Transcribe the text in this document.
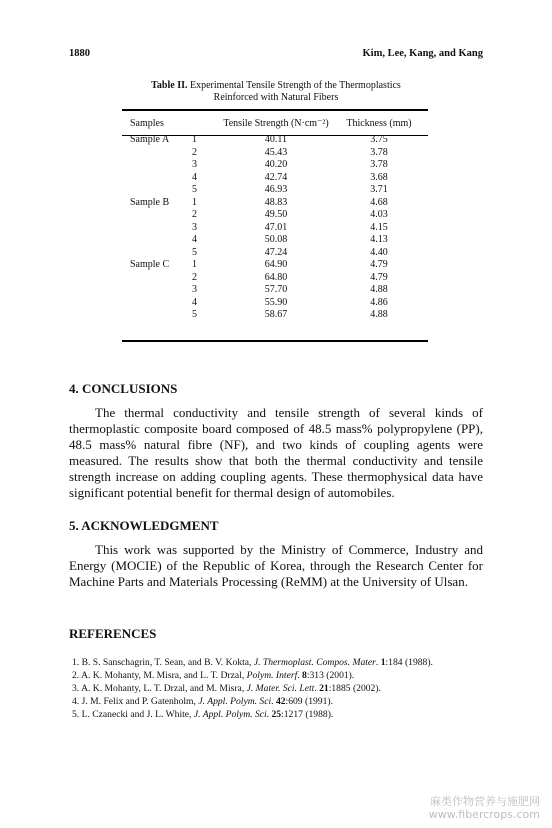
1880	Kim, Lee, Kang, and Kang
Table II. Experimental Tensile Strength of the Thermoplastics
Reinforced with Natural Fibers
Samples		Tensile Strength (N·cm⁻²)	Thickness (mm)
Sample A	1	40.11	3.75
	2	45.43	3.78
	3	40.20	3.78
	4	42.74	3.68
	5	46.93	3.71
Sample B	1	48.83	4.68
	2	49.50	4.03
	3	47.01	4.15
	4	50.08	4.13
	5	47.24	4.40
Sample C	1	64.90	4.79
	2	64.80	4.79
	3	57.70	4.88
	4	55.90	4.86
	5	58.67	4.88
4. CONCLUSIONS
The thermal conductivity and tensile strength of several kinds of thermoplastic composite board composed of 48.5 mass% polypropylene (PP), 48.5 mass% natural fibre (NF), and two kinds of coupling agents were measured. The results show that both the thermal conductivity and tensile strength increase on adding coupling agents. These thermophysical data have significant potential benefit for thermal design of automobiles.
5. ACKNOWLEDGMENT
This work was supported by the Ministry of Commerce, Industry and Energy (MOCIE) of the Republic of Korea, through the Research Center for Machine Parts and Materials Processing (ReMM) at the University of Ulsan.
REFERENCES
1. B. S. Sanschagrin, T. Sean, and B. V. Kokta, J. Thermoplast. Compos. Mater. 1:184 (1988).
2. A. K. Mohanty, M. Misra, and L. T. Drzal, Polym. Interf. 8:313 (2001).
3. A. K. Mohanty, L. T. Drzal, and M. Misra, J. Mater. Sci. Lett. 21:1885 (2002).
4. J. M. Felix and P. Gatenholm, J. Appl. Polym. Sci. 42:609 (1991).
5. L. Czanecki and J. L. White, J. Appl. Polym. Sci. 25:1217 (1988).
麻类作物营养与施肥网
www.fibercrops.com
